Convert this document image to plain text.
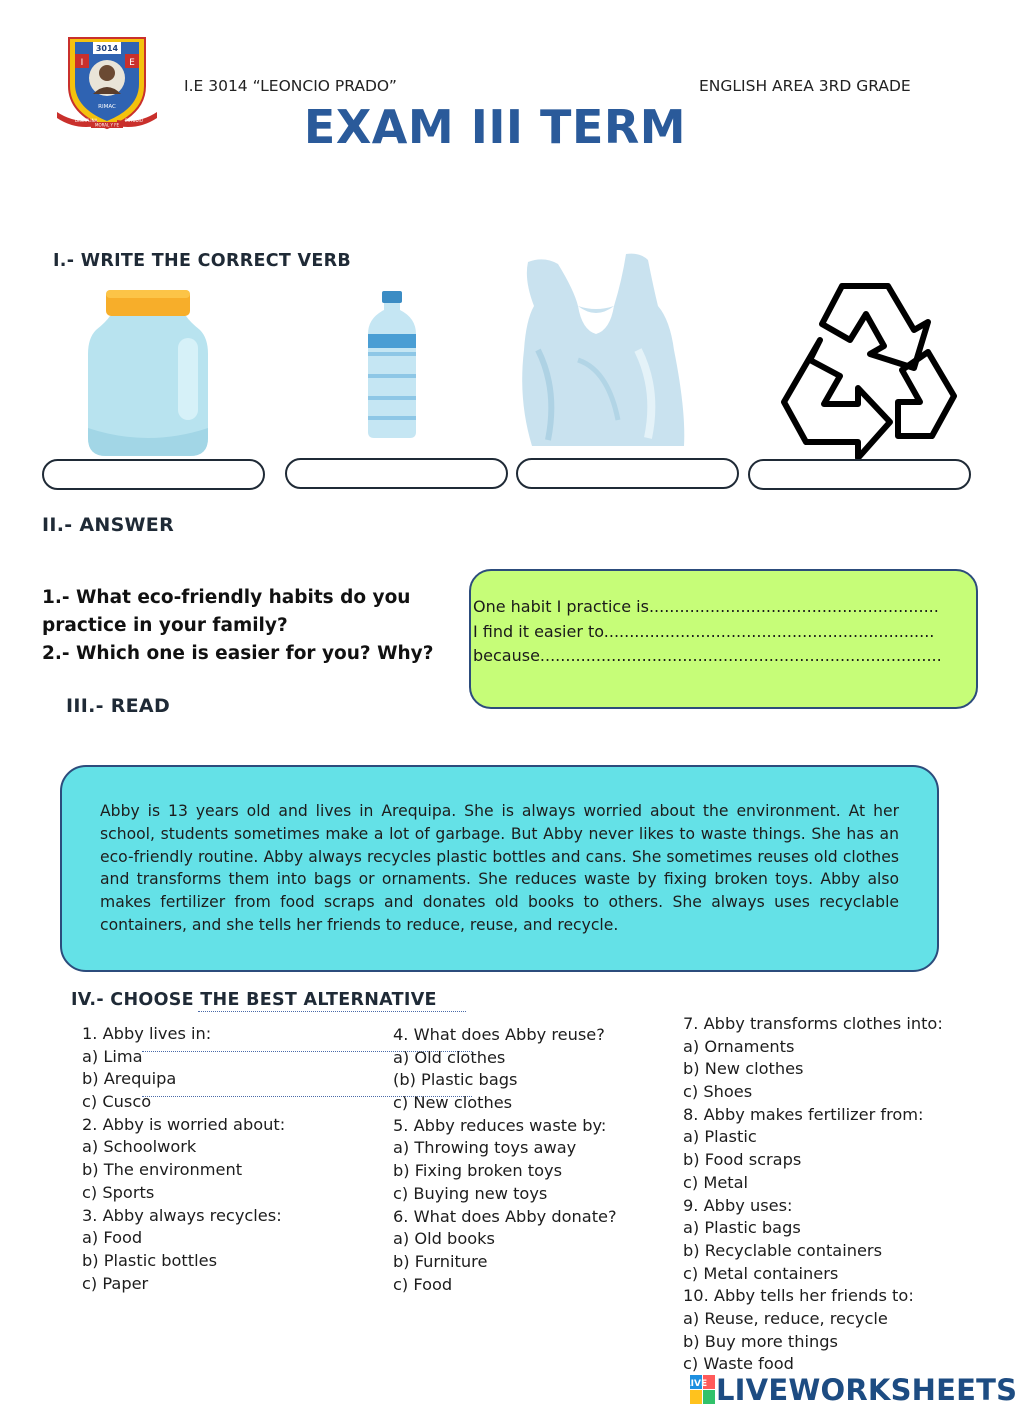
3014
I	E
RIMAC
DISCIPLINA	ESTUDIO
MORAL Y FE
I.E 3014 “LEONCIO PRADO”	ENGLISH AREA 3RD GRADE
EXAM III TERM
I.- WRITE THE CORRECT VERB
II.- ANSWER
1.- What eco-friendly habits do you
practice in your family?
2.- Which one is easier for you? Why?
One habit I practice is.........................................................
I find it easier to.................................................................
because...............................................................................
III.- READ
Abby is 13 years old and lives in Arequipa. She is always worried about the environment. At her school, students sometimes make a lot of garbage. But Abby never likes to waste things. She has an eco-friendly routine. Abby always recycles plastic bottles and cans. She sometimes reuses old clothes and transforms them into bags or ornaments. She reduces waste by fixing broken toys. Abby also makes fertilizer from food scraps and donates old books to others. She always uses recyclable containers, and she tells her friends to reduce, reuse, and recycle.
IV.- CHOOSE THE BEST ALTERNATIVE
1. Abby lives in:
a) Lima
b) Arequipa
c) Cusco
2. Abby is worried about:
a) Schoolwork
b) The environment
c) Sports
3. Abby always recycles:
a) Food
b) Plastic bottles
c) Paper
4. What does Abby reuse?
a) Old clothes
(b) Plastic bags
c) New clothes
5. Abby reduces waste by:
a) Throwing toys away
b) Fixing broken toys
c) Buying new toys
6. What does Abby donate?
a) Old books
b) Furniture
c) Food
7. Abby transforms clothes into:
a) Ornaments
b) New clothes
c) Shoes
8. Abby makes fertilizer from:
a) Plastic
b) Food scraps
c) Metal
9. Abby uses:
a) Plastic bags
b) Recyclable containers
c) Metal containers
10. Abby tells her friends to:
a) Reuse, reduce, recycle
b) Buy more things
c) Waste food
LIVE LIVEWORKSHEETS
